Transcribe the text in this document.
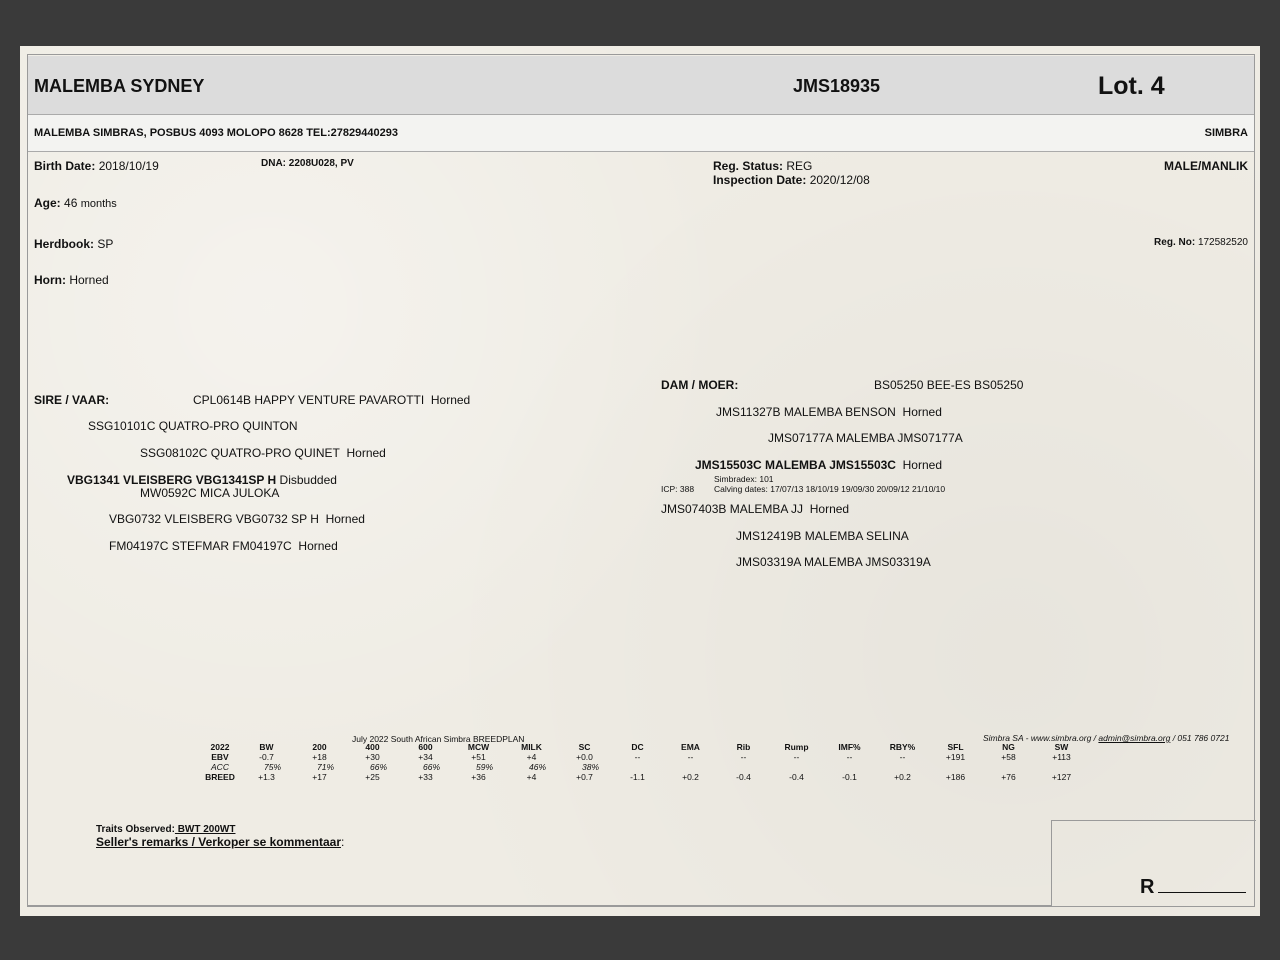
MALEMBA SYDNEY	JMS18935	Lot. 4
MALEMBA SIMBRAS, POSBUS 4093 MOLOPO 8628 TEL:27829440293	SIMBRA
Birth Date: 2018/10/19	DNA: 2208U028, PV	Reg. Status: REG
Inspection Date: 2020/12/08
MALE/MANLIK
Age: 46 months
Herdbook: SP	Reg. No: 172582520
Horn: Horned
SIRE / VAAR:	CPL0614B HAPPY VENTURE PAVAROTTI Horned
SSG10101C QUATRO-PRO QUINTON
SSG08102C QUATRO-PRO QUINET Horned
VBG1341 VLEISBERG VBG1341SP H Disbudded
MW0592C MICA JULOKA
VBG0732 VLEISBERG VBG0732 SP H Horned
FM04197C STEFMAR FM04197C Horned
DAM / MOER:	BS05250 BEE-ES BS05250
JMS11327B MALEMBA BENSON Horned
JMS07177A MALEMBA JMS07177A
JMS15503C MALEMBA JMS15503C Horned
Simbradex: 101
ICP: 388 Calving dates: 17/07/13 18/10/19 19/09/30 20/09/12 21/10/10
JMS07403B MALEMBA JJ Horned
JMS12419B MALEMBA SELINA
JMS03319A MALEMBA JMS03319A
July 2022 South African Simbra BREEDPLAN	Simbra SA - www.simbra.org / admin@simbra.org / 051 786 0721
2022	BW	200	400	600	MCW	MILK	SC	DC	EMA	Rib	Rump	IMF%	RBY%	SFL	NG	SW
EBV	-0.7	+18	+30	+34	+51	+4	+0.0	--	--	--	--	--	--	+191	+58	+113
ACC	75%	71%	66%	66%	59%	46%	38%									
BREED	+1.3	+17	+25	+33	+36	+4	+0.7	-1.1	+0.2	-0.4	-0.4	-0.1	+0.2	+186	+76	+127
Traits Observed: BWT 200WT
Seller's remarks / Verkoper se kommentaar:
R
